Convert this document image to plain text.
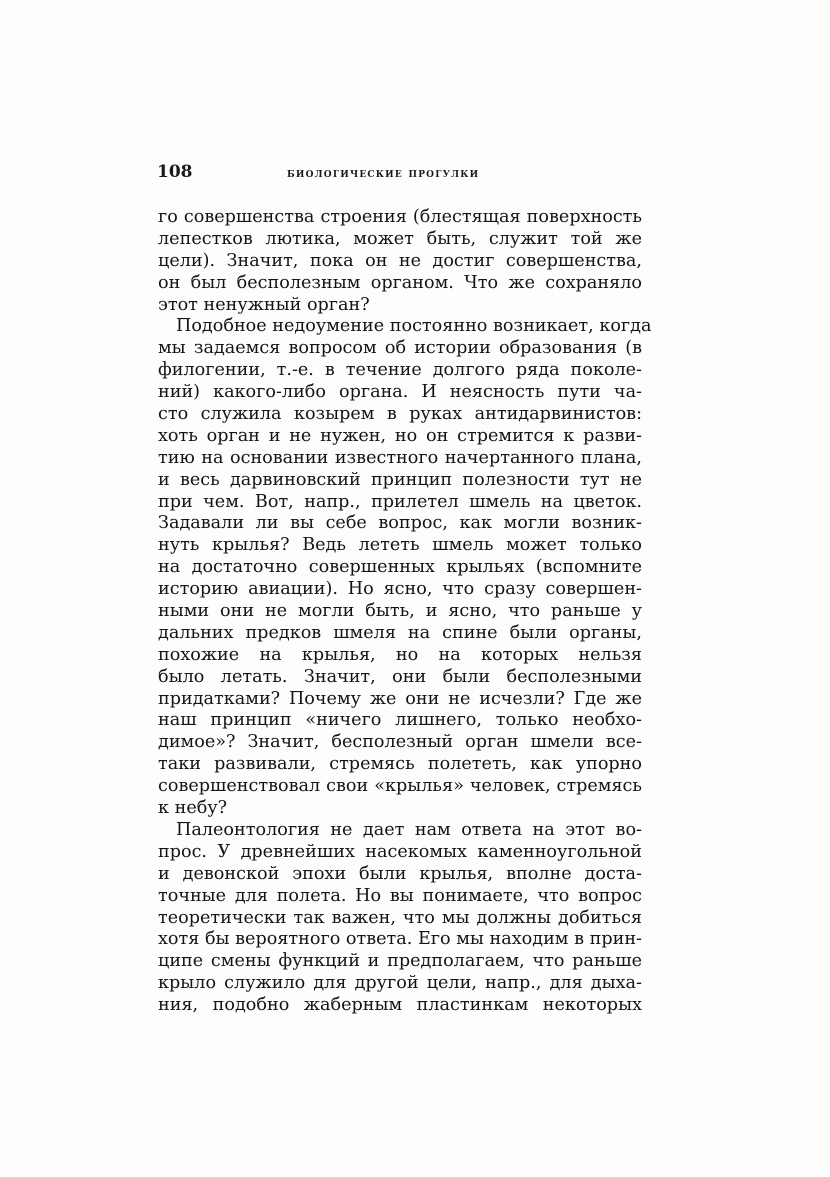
108	биологические прогулки
го совершенства строения (блестящая поверхность
лепестков лютика, может быть, служит той же
цели). Значит, пока он не достиг совершенства,
он был бесполезным органом. Что же сохраняло
этот ненужный орган?
Подобное недоумение постоянно возникает, когда
мы задаемся вопросом об истории образования (в
филогении, т.-е. в течение долгого ряда поколе-
ний) какого-либо органа. И неясность пути ча-
сто служила козырем в руках антидарвинистов:
хоть орган и не нужен, но он стремится к разви-
тию на основании известного начертанного плана,
и весь дарвиновский принцип полезности тут не
при чем. Вот, напр., прилетел шмель на цветок.
Задавали ли вы себе вопрос, как могли возник-
нуть крылья? Ведь лететь шмель может только
на достаточно совершенных крыльях (вспомните
историю авиации). Но ясно, что сразу совершен-
ными они не могли быть, и ясно, что раньше у
дальних предков шмеля на спине были органы,
похожие на крылья, но на которых нельзя
было летать. Значит, они были бесполезными
придатками? Почему же они не исчезли? Где же
наш принцип «ничего лишнего, только необхо-
димое»? Значит, бесполезный орган шмели все-
таки развивали, стремясь полететь, как упорно
совершенствовал свои «крылья» человек, стремясь
к небу?
Палеонтология не дает нам ответа на этот во-
прос. У древнейших насекомых каменноугольной
и девонской эпохи были крылья, вполне доста-
точные для полета. Но вы понимаете, что вопрос
теоретически так важен, что мы должны добиться
хотя бы вероятного ответа. Его мы находим в прин-
ципе смены функций и предполагаем, что раньше
крыло служило для другой цели, напр., для дыха-
ния, подобно жаберным пластинкам некоторых
